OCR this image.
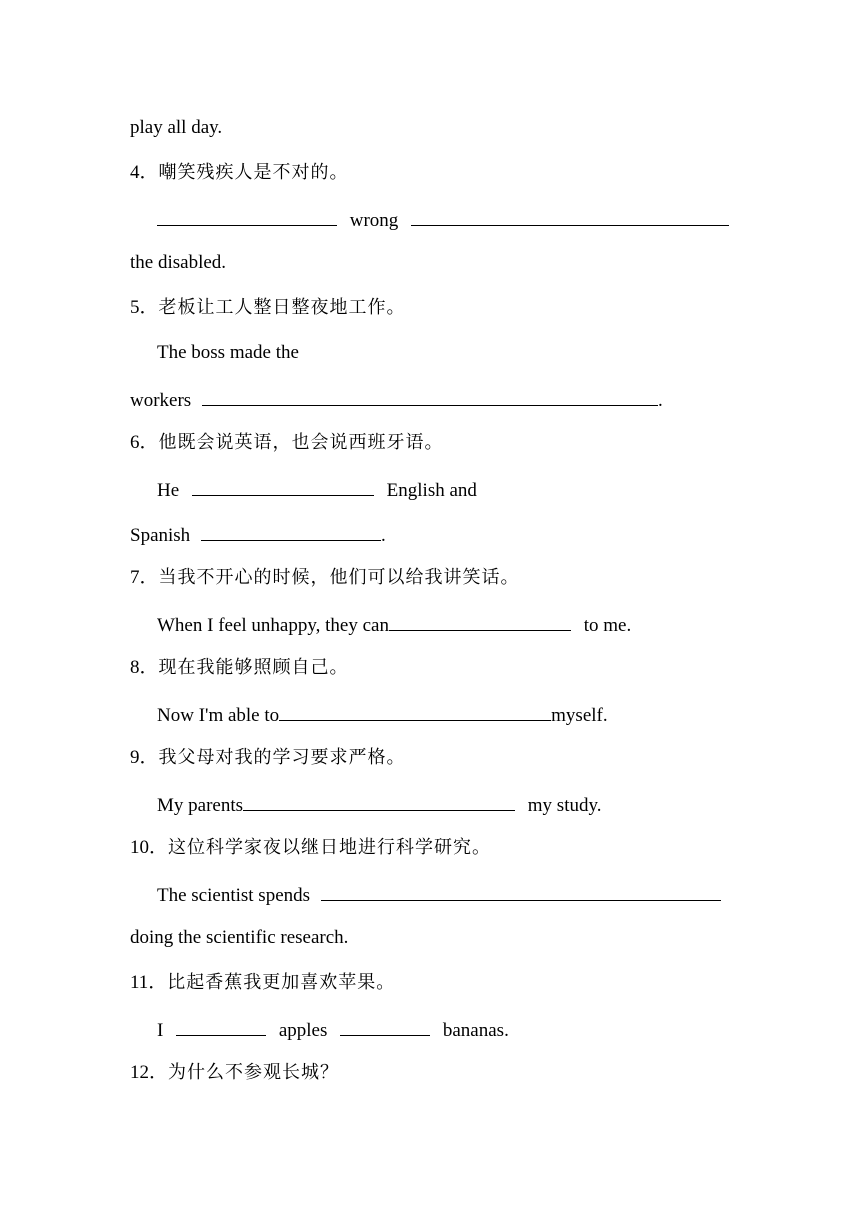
play all day.
4．嘲笑残疾人是不对的。
wrong
the disabled.
5．老板让工人整日整夜地工作。
The boss made the
workers	.
6．他既会说英语，也会说西班牙语。
He	English and
Spanish	.
7．当我不开心的时候，他们可以给我讲笑话。
When I feel unhappy, they can	to me.
8．现在我能够照顾自己。
Now I'm able to	myself.
9．我父母对我的学习要求严格。
My parents	my study.
10．这位科学家夜以继日地进行科学研究。
The scientist spends
doing the scientific research.
11．比起香蕉我更加喜欢苹果。
I	apples	bananas.
12．为什么不参观长城？
